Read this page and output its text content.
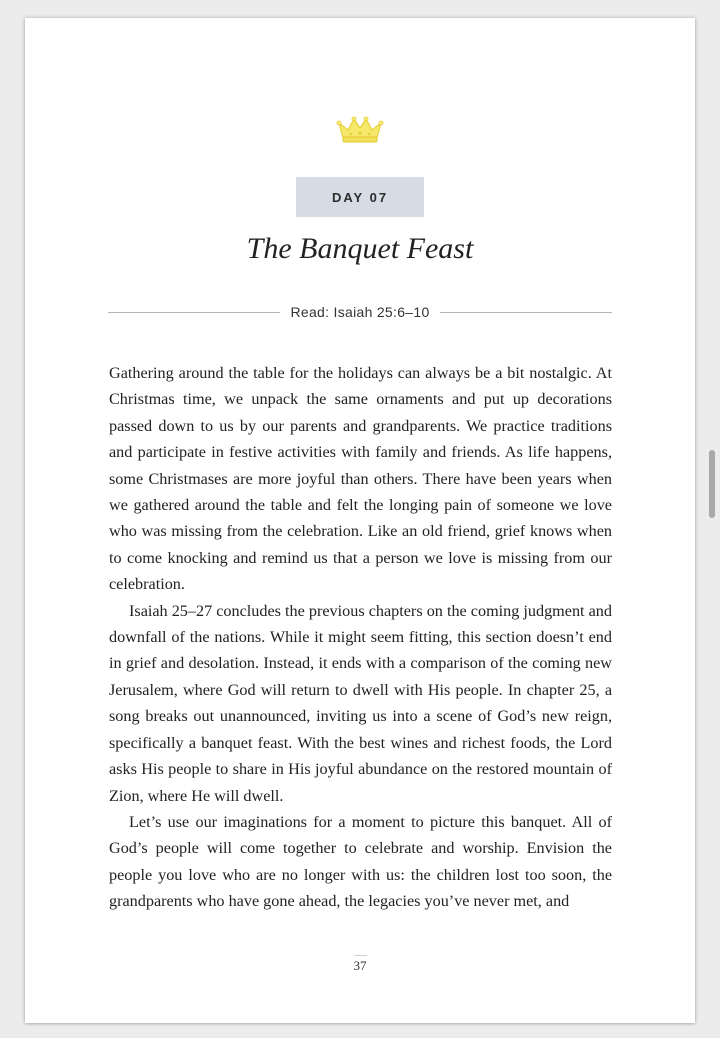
DAY 07
The Banquet Feast
Read: Isaiah 25:6–10

Gathering around the table for the holidays can always be a bit nostalgic. At Christmas time, we unpack the same ornaments and put up decorations passed down to us by our parents and grandparents. We practice traditions and participate in festive activities with family and friends. As life happens, some Christmases are more joyful than others. There have been years when we gathered around the table and felt the longing pain of someone we love who was missing from the celebration. Like an old friend, grief knows when to come knocking and remind us that a person we love is missing from our celebration.

Isaiah 25–27 concludes the previous chapters on the coming judgment and downfall of the nations. While it might seem fitting, this section doesn’t end in grief and desolation. Instead, it ends with a comparison of the coming new Jerusalem, where God will return to dwell with His people. In chapter 25, a song breaks out unannounced, inviting us into a scene of God’s new reign, specifically a banquet feast. With the best wines and richest foods, the Lord asks His people to share in His joyful abundance on the restored mountain of Zion, where He will dwell.

Let’s use our imaginations for a moment to picture this banquet. All of God’s people will come together to celebrate and worship. Envision the people you love who are no longer with us: the children lost too soon, the grandparents who have gone ahead, the legacies you’ve never met, and

37
